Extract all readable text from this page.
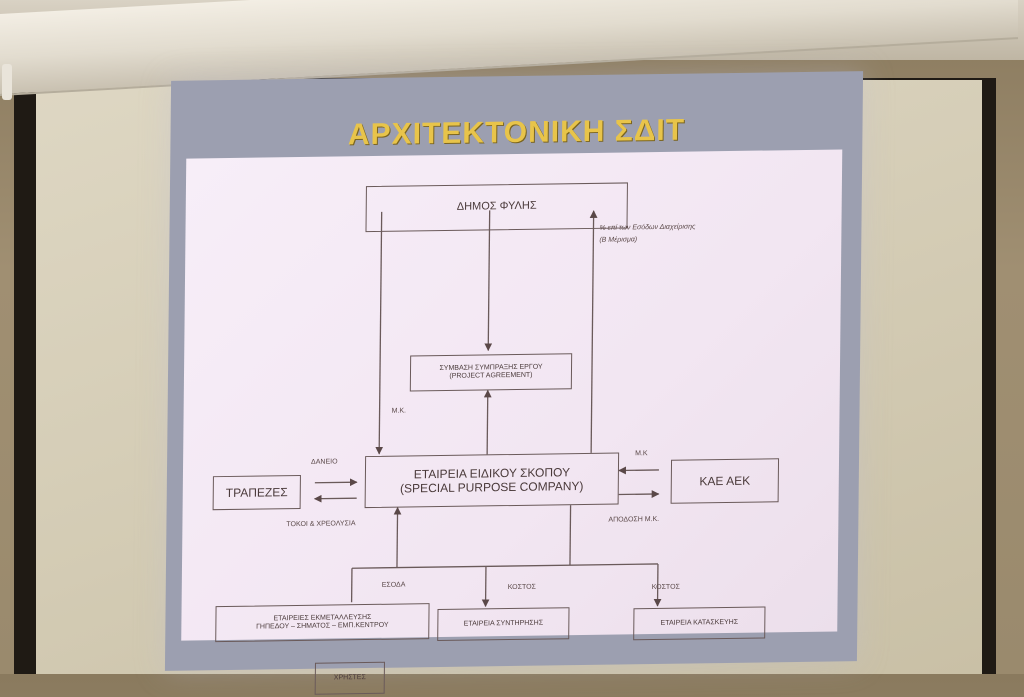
ΑΡΧΙΤΕΚΤΟΝΙΚΗ ΣΔΙΤ
ΔΗΜΟΣ ΦΥΛΗΣ
ΣΥΜΒΑΣΗ ΣΥΜΠΡΑΞΗΣ ΕΡΓΟΥ
(PROJECT AGREEMENT)
ΕΤΑΙΡΕΙΑ ΕΙΔΙΚΟΥ ΣΚΟΠΟΥ
(SPECIAL PURPOSE COMPANY)
ΤΡΑΠΕΖΕΣ
ΚΑΕ ΑΕΚ
ΕΤΑΙΡΕΙΕΣ ΕΚΜΕΤΑΛΛΕΥΣΗΣ
ΓΗΠΕΔΟΥ – ΣΗΜΑΤΟΣ – ΕΜΠ.ΚΕΝΤΡΟΥ	ΕΤΑΙΡΕΙΑ ΣΥΝΤΗΡΗΣΗΣ	ΕΤΑΙΡΕΙΑ ΚΑΤΑΣΚΕΥΗΣ
ΧΡΗΣΤΕΣ
Μ.Κ.
% επί των Εσόδων Διαχείρισης
(Β Μέρισμα)
ΔΑΝΕΙΟ
Μ.Κ
ΤΟΚΟΙ & ΧΡΕΟΛΥΣΙΑ
ΑΠΟΔΟΣΗ Μ.Κ.
ΕΣΟΔΑ	ΚΟΣΤΟΣ	ΚΟΣΤΟΣ
